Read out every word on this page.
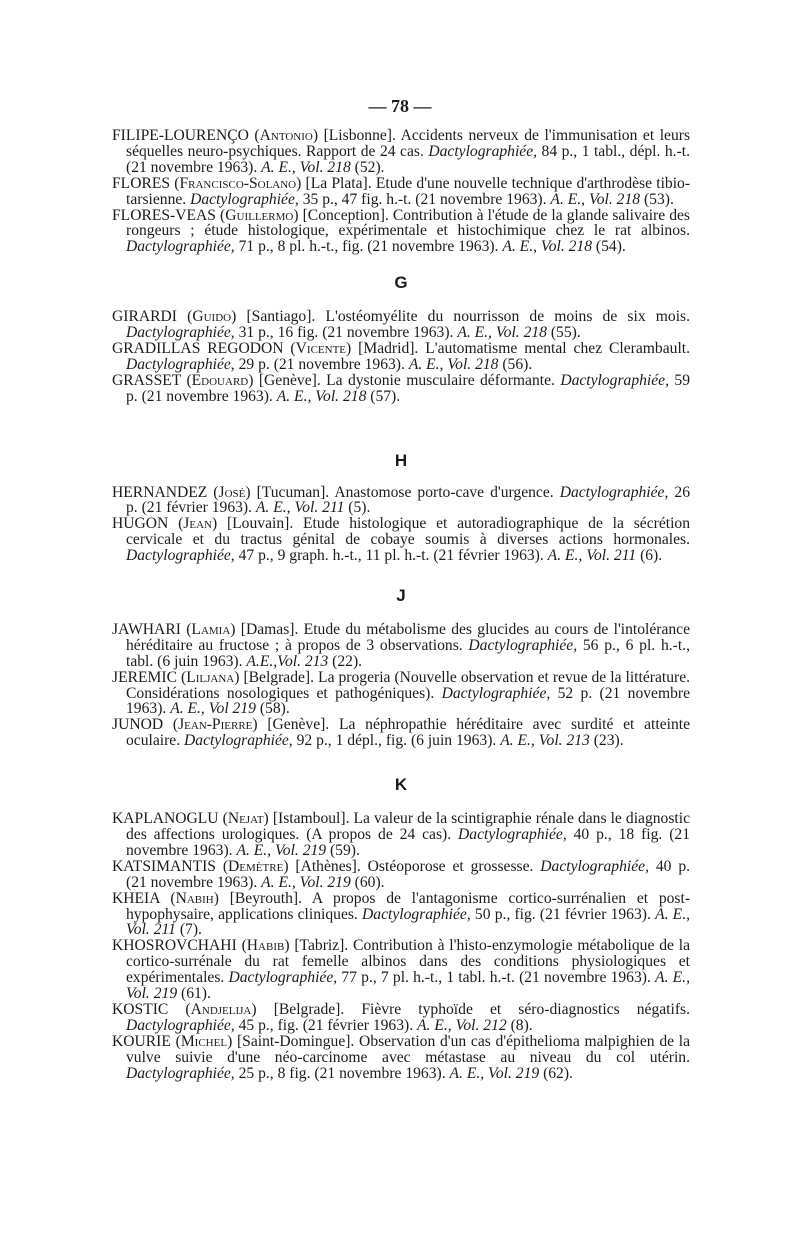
— 78 —

FILIPE-LOURENÇO (Antonio) [Lisbonne]. Accidents nerveux de l'immunisation et leurs séquelles neuro-psychiques. Rapport de 24 cas. Dactylographiée, 84 p., 1 tabl., dépl. h.-t. (21 novembre 1963). A. E., Vol. 218 (52).

FLORES (Francisco-Solano) [La Plata]. Etude d'une nouvelle technique d'arthrodèse tibio-tarsienne. Dactylographiée, 35 p., 47 fig. h.-t. (21 novembre 1963). A. E., Vol. 218 (53).

FLORES-VEAS (Guillermo) [Conception]. Contribution à l'étude de la glande salivaire des rongeurs ; étude histologique, expérimentale et histochimique chez le rat albinos. Dactylographiée, 71 p., 8 pl. h.-t., fig. (21 novembre 1963). A. E., Vol. 218 (54).

G

GIRARDI (Guido) [Santiago]. L'ostéomyélite du nourrisson de moins de six mois. Dactylographiée, 31 p., 16 fig. (21 novembre 1963). A. E., Vol. 218 (55).

GRADILLAS REGODON (Vicente) [Madrid]. L'automatisme mental chez Clerambault. Dactylographiée, 29 p. (21 novembre 1963). A. E., Vol. 218 (56).

GRASSET (Edouard) [Genève]. La dystonie musculaire déformante. Dactylographiée, 59 p. (21 novembre 1963). A. E., Vol. 218 (57).

H

HERNANDEZ (José) [Tucuman]. Anastomose porto-cave d'urgence. Dactylographiée, 26 p. (21 février 1963). A. E., Vol. 211 (5).

HUGON (Jean) [Louvain]. Etude histologique et autoradiographique de la sécrétion cervicale et du tractus génital de cobaye soumis à diverses actions hormonales. Dactylographiée, 47 p., 9 graph. h.-t., 11 pl. h.-t. (21 février 1963). A. E., Vol. 211 (6).

J

JAWHARI (Lamia) [Damas]. Etude du métabolisme des glucides au cours de l'intolérance héréditaire au fructose ; à propos de 3 observations. Dactylographiée, 56 p., 6 pl. h.-t., tabl. (6 juin 1963). A.E.,Vol. 213 (22).

JEREMIC (Liljana) [Belgrade]. La progeria (Nouvelle observation et revue de la littérature. Considérations nosologiques et pathogéniques). Dactylographiée, 52 p. (21 novembre 1963). A. E., Vol 219 (58).

JUNOD (Jean-Pierre) [Genève]. La néphropathie héréditaire avec surdité et atteinte oculaire. Dactylographiée, 92 p., 1 dépl., fig. (6 juin 1963). A. E., Vol. 213 (23).

K

KAPLANOGLU (Nejat) [Istamboul]. La valeur de la scintigraphie rénale dans le diagnostic des affections urologiques. (A propos de 24 cas). Dactylographiée, 40 p., 18 fig. (21 novembre 1963). A. E., Vol. 219 (59).

KATSIMANTIS (Demètre) [Athènes]. Ostéoporose et grossesse. Dactylographiée, 40 p. (21 novembre 1963). A. E., Vol. 219 (60).

KHEIA (Nabih) [Beyrouth]. A propos de l'antagonisme cortico-surrénalien et post-hypophysaire, applications cliniques. Dactylographiée, 50 p., fig. (21 février 1963). A. E., Vol. 211 (7).

KHOSROVCHAHI (Habib) [Tabriz]. Contribution à l'histo-enzymologie métabolique de la cortico-surrénale du rat femelle albinos dans des conditions physiologiques et expérimentales. Dactylographiée, 77 p., 7 pl. h.-t., 1 tabl. h.-t. (21 novembre 1963). A. E., Vol. 219 (61).

KOSTIC (Andjelija) [Belgrade]. Fièvre typhoïde et séro-diagnostics négatifs. Dactylographiée, 45 p., fig. (21 février 1963). A. E., Vol. 212 (8).

KOURIE (Michel) [Saint-Domingue]. Observation d'un cas d'épithelioma malpighien de la vulve suivie d'une néo-carcinome avec métastase au niveau du col utérin. Dactylographiée, 25 p., 8 fig. (21 novembre 1963). A. E., Vol. 219 (62).
